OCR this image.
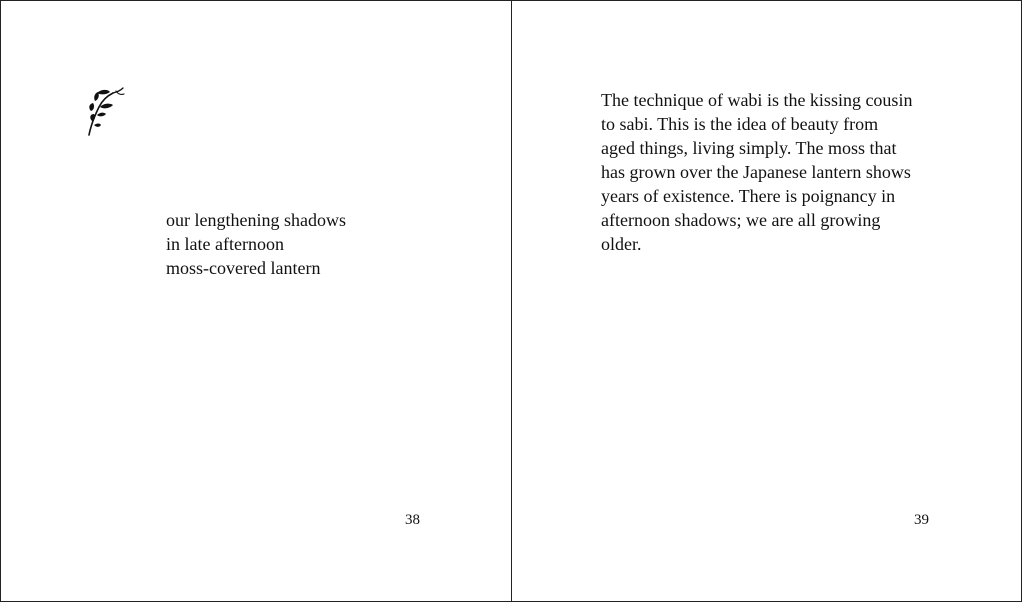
our lengthening shadows
in late afternoon
moss-covered lantern
38
The technique of wabi is the kissing cousin
to sabi. This is the idea of beauty from
aged things, living simply. The moss that
has grown over the Japanese lantern shows
years of existence. There is poignancy in
afternoon shadows; we are all growing
older.
39
